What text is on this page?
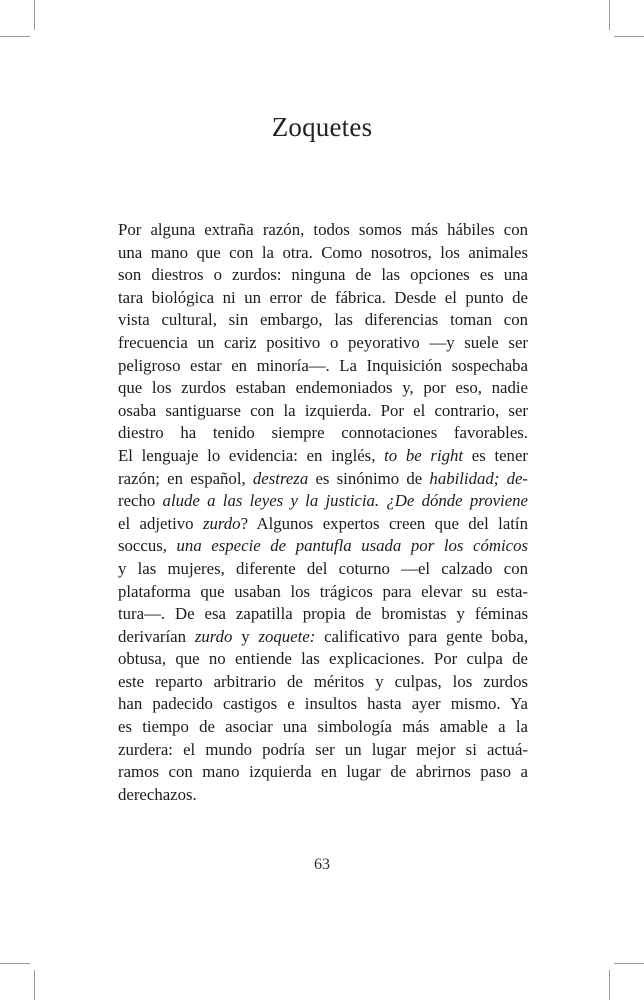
Zoquetes

Por alguna extraña razón, todos somos más hábiles con
una mano que con la otra. Como nosotros, los animales
son diestros o zurdos: ninguna de las opciones es una
tara biológica ni un error de fábrica. Desde el punto de
vista cultural, sin embargo, las diferencias toman con
frecuencia un cariz positivo o peyorativo —y suele ser
peligroso estar en minoría—. La Inquisición sospechaba
que los zurdos estaban endemoniados y, por eso, nadie
osaba santiguarse con la izquierda. Por el contrario, ser
diestro ha tenido siempre connotaciones favorables.
El lenguaje lo evidencia: en inglés, to be right es tener
razón; en español, destreza es sinónimo de habilidad; de-
recho alude a las leyes y la justicia. ¿De dónde proviene
el adjetivo zurdo? Algunos expertos creen que del latín
soccus, una especie de pantufla usada por los cómicos
y las mujeres, diferente del coturno —el calzado con
plataforma que usaban los trágicos para elevar su esta-
tura—. De esa zapatilla propia de bromistas y féminas
derivarían zurdo y zoquete: calificativo para gente boba,
obtusa, que no entiende las explicaciones. Por culpa de
este reparto arbitrario de méritos y culpas, los zurdos
han padecido castigos e insultos hasta ayer mismo. Ya
es tiempo de asociar una simbología más amable a la
zurdera: el mundo podría ser un lugar mejor si actuá-
ramos con mano izquierda en lugar de abrirnos paso a
derechazos.

63
